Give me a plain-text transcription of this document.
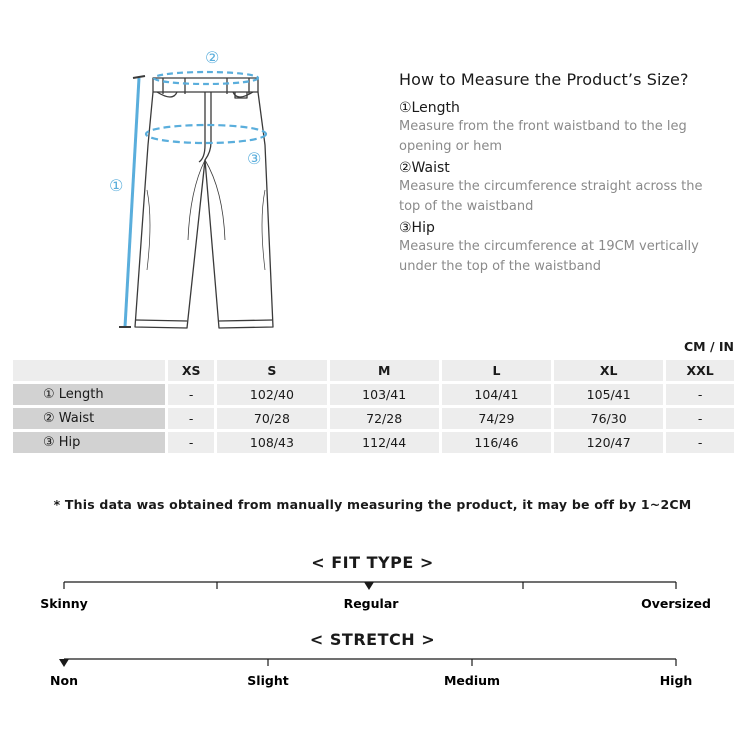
①
②
③
How to Measure the Product’s Size?
①Length
Measure from the front waistband to the leg opening or hem
②Waist
Measure the circumference straight across the top of the waistband
③Hip
Measure the circumference at 19CM vertically under the top of the waistband
CM / IN
	XS	S	M	L	XL	XXL
① Length	-	102/40	103/41	104/41	105/41	-
② Waist	-	70/28	72/28	74/29	76/30	-
③ Hip	-	108/43	112/44	116/46	120/47	-
* This data was obtained from manually measuring the product, it may be off by 1~2CM
< FIT TYPE >
Skinny	Regular	Oversized
< STRETCH >
Non	Slight	Medium	High
